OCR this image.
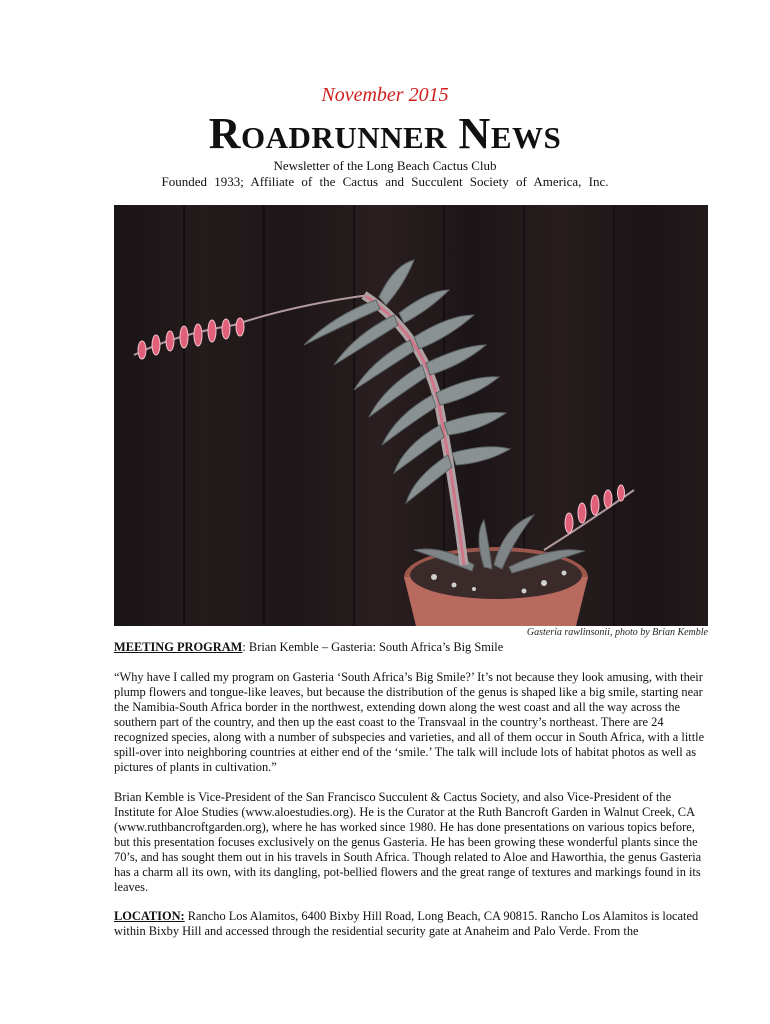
November 2015
Roadrunner News
Newsletter of the Long Beach Cactus Club
Founded 1933; Affiliate of the Cactus and Succulent Society of America, Inc.
Gasteria rawlinsonii, photo by Brian Kemble
MEETING PROGRAM: Brian Kemble – Gasteria: South Africa’s Big Smile

“Why have I called my program on Gasteria ‘South Africa’s Big Smile?’ It’s not because they look amusing, with their plump flowers and tongue-like leaves, but because the distribution of the genus is shaped like a big smile, starting near the Namibia-South Africa border in the northwest, extending down along the west coast and all the way across the southern part of the country, and then up the east coast to the Transvaal in the country’s northeast. There are 24 recognized species, along with a number of subspecies and varieties, and all of them occur in South Africa, with a little spill-over into neighboring countries at either end of the ‘smile.’ The talk will include lots of habitat photos as well as pictures of plants in cultivation.”

Brian Kemble is Vice-President of the San Francisco Succulent & Cactus Society, and also Vice-President of the Institute for Aloe Studies (www.aloestudies.org). He is the Curator at the Ruth Bancroft Garden in Walnut Creek, CA (www.ruthbancroftgarden.org), where he has worked since 1980. He has done presentations on various topics before, but this presentation focuses exclusively on the genus Gasteria. He has been growing these wonderful plants since the 70’s, and has sought them out in his travels in South Africa. Though related to Aloe and Haworthia, the genus Gasteria has a charm all its own, with its dangling, pot-bellied flowers and the great range of textures and markings found in its leaves.

LOCATION: Rancho Los Alamitos, 6400 Bixby Hill Road, Long Beach, CA 90815. Rancho Los Alamitos is located within Bixby Hill and accessed through the residential security gate at Anaheim and Palo Verde. From the
